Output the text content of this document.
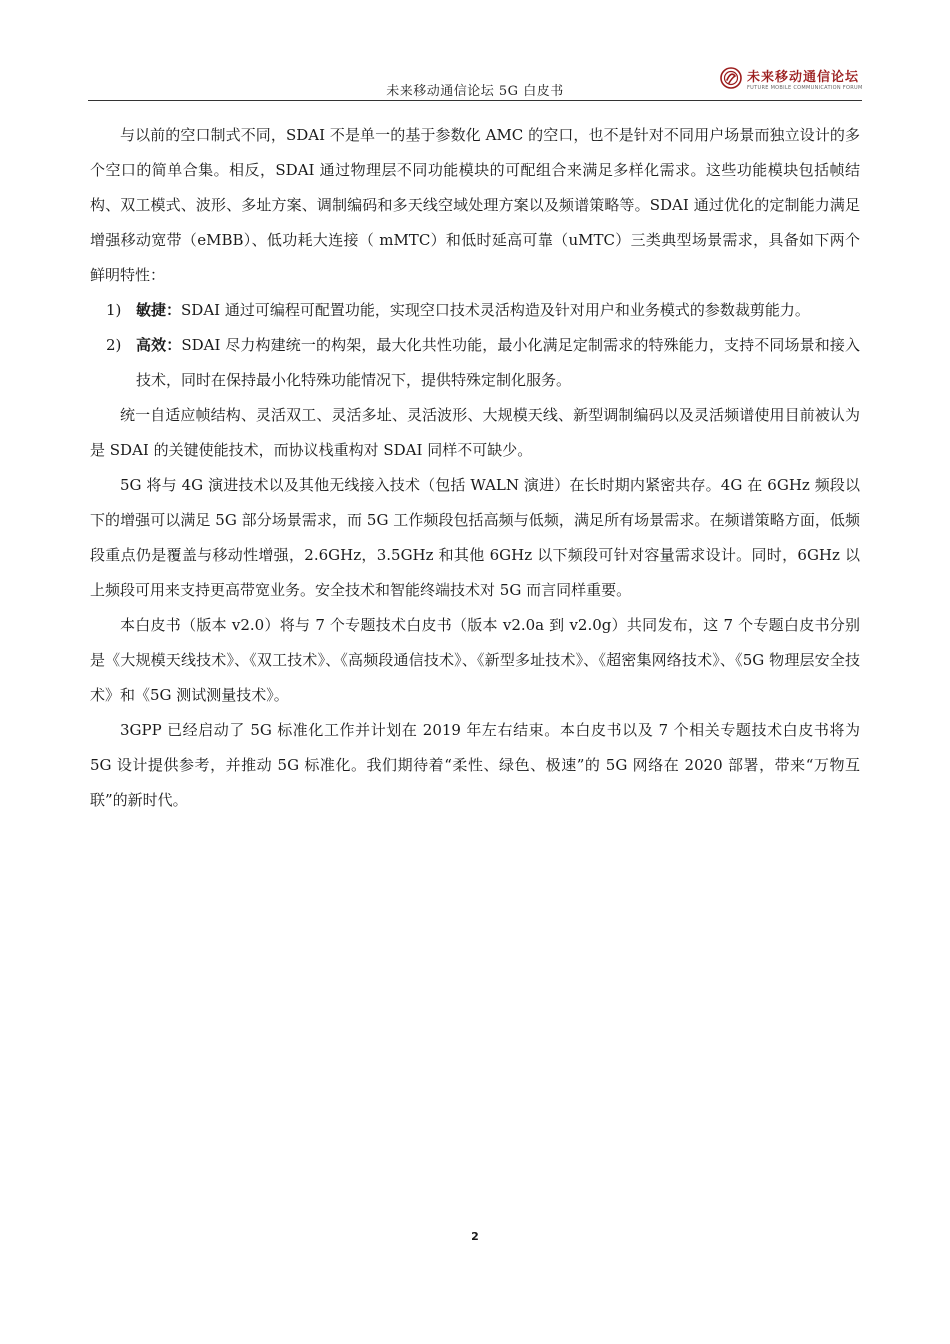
未来移动通信论坛 5G 白皮书
未来移动通信论坛
FUTURE MOBILE COMMUNICATION FORUM

与以前的空口制式不同，SDAI 不是单一的基于参数化 AMC 的空口，也不是针对不同用户场景而独立设计的多个空口的简单合集。相反，SDAI 通过物理层不同功能模块的可配组合来满足多样化需求。这些功能模块包括帧结构、双工模式、波形、多址方案、调制编码和多天线空域处理方案以及频谱策略等。SDAI 通过优化的定制能力满足增强移动宽带（eMBB）、低功耗大连接（ mMTC）和低时延高可靠（uMTC）三类典型场景需求，具备如下两个鲜明特性：

1) 敏捷：SDAI 通过可编程可配置功能，实现空口技术灵活构造及针对用户和业务模式的参数裁剪能力。

2) 高效：SDAI 尽力构建统一的构架，最大化共性功能，最小化满足定制需求的特殊能力，支持不同场景和接入技术，同时在保持最小化特殊功能情况下，提供特殊定制化服务。

统一自适应帧结构、灵活双工、灵活多址、灵活波形、大规模天线、新型调制编码以及灵活频谱使用目前被认为是 SDAI 的关键使能技术，而协议栈重构对 SDAI 同样不可缺少。

5G 将与 4G 演进技术以及其他无线接入技术（包括 WALN 演进）在长时期内紧密共存。4G 在 6GHz 频段以下的增强可以满足 5G 部分场景需求，而 5G 工作频段包括高频与低频，满足所有场景需求。在频谱策略方面，低频段重点仍是覆盖与移动性增强，2.6GHz，3.5GHz 和其他 6GHz 以下频段可针对容量需求设计。同时，6GHz 以上频段可用来支持更高带宽业务。安全技术和智能终端技术对 5G 而言同样重要。

本白皮书（版本 v2.0）将与 7 个专题技术白皮书（版本 v2.0a 到 v2.0g）共同发布，这 7 个专题白皮书分别是《大规模天线技术》、《双工技术》、《高频段通信技术》、《新型多址技术》、《超密集网络技术》、《5G 物理层安全技术》和《5G 测试测量技术》。

3GPP 已经启动了 5G 标准化工作并计划在 2019 年左右结束。本白皮书以及 7 个相关专题技术白皮书将为 5G 设计提供参考，并推动 5G 标准化。我们期待着“柔性、绿色、极速”的 5G 网络在 2020 部署，带来“万物互联”的新时代。

2
